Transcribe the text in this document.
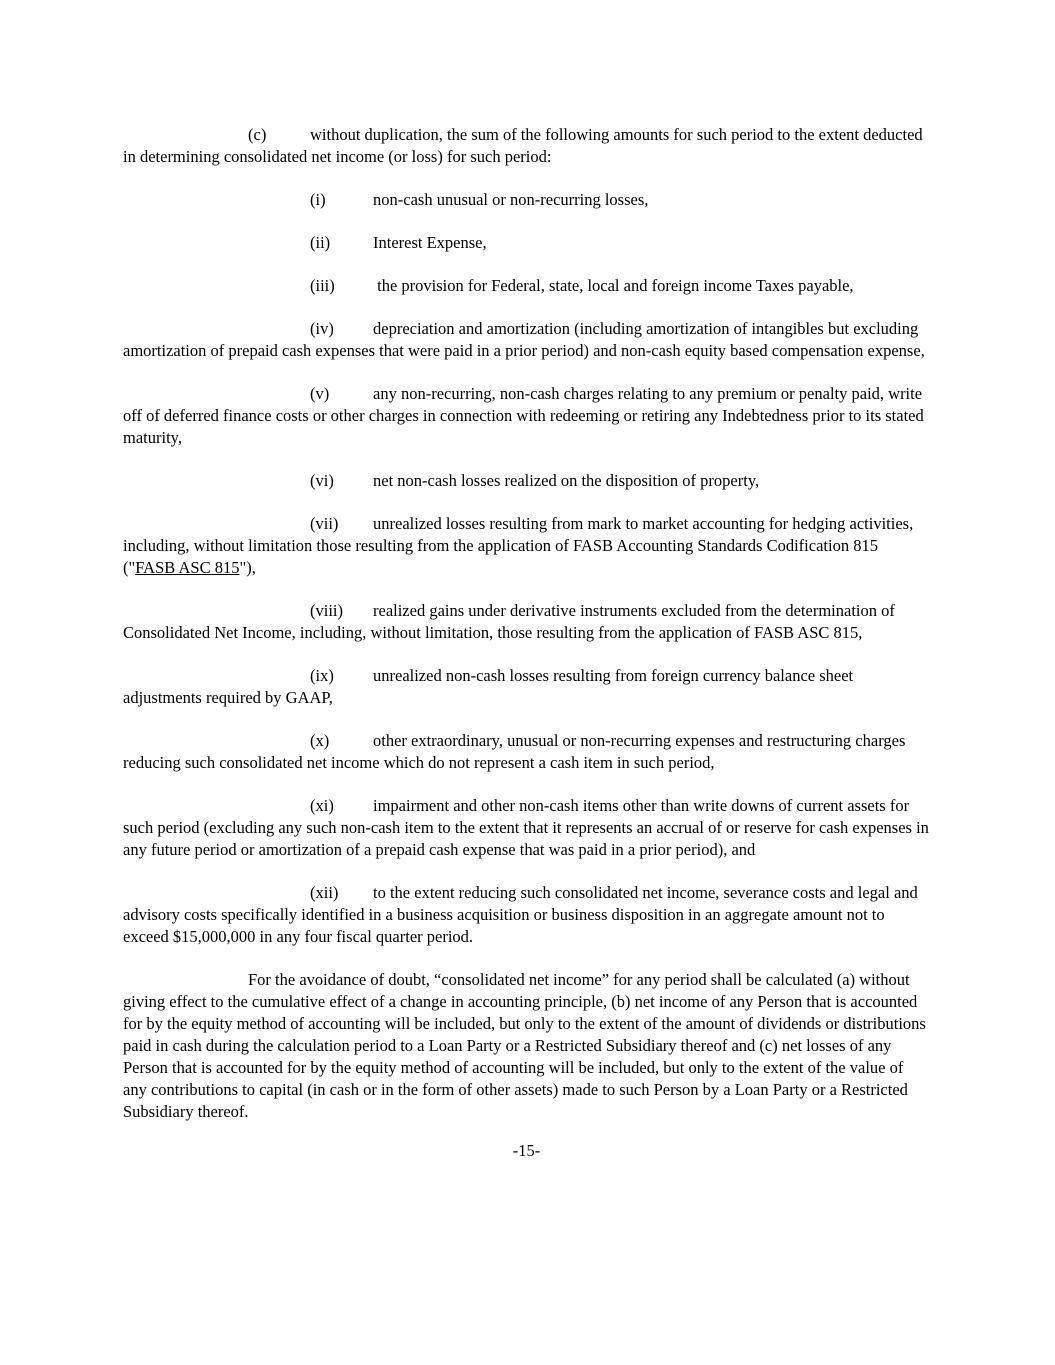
(c)	without duplication, the sum of the following amounts for such period to the extent deducted in determining consolidated net income (or loss) for such period:

(i)	non-cash unusual or non-recurring losses,

(ii)	Interest Expense,

(iii) the provision for Federal, state, local and foreign income Taxes payable,

(iv) depreciation and amortization (including amortization of intangibles but excluding amortization of prepaid cash expenses that were paid in a prior period) and non-cash equity based compensation expense,

(v)	any non-recurring, non-cash charges relating to any premium or penalty paid, write off of deferred finance costs or other charges in connection with redeeming or retiring any Indebtedness prior to its stated maturity,

(vi) net non-cash losses realized on the disposition of property,

(vii) unrealized losses resulting from mark to market accounting for hedging activities, including, without limitation those resulting from the application of FASB Accounting Standards Codification 815 ("FASB ASC 815"),

(viii) realized gains under derivative instruments excluded from the determination of Consolidated Net Income, including, without limitation, those resulting from the application of FASB ASC 815,

(ix) unrealized non-cash losses resulting from foreign currency balance sheet adjustments required by GAAP,

(x)	other extraordinary, unusual or non-recurring expenses and restructuring charges reducing such consolidated net income which do not represent a cash item in such period,

(xi) impairment and other non-cash items other than write downs of current assets for such period (excluding any such non-cash item to the extent that it represents an accrual of or reserve for cash expenses in any future period or amortization of a prepaid cash expense that was paid in a prior period), and

(xii) to the extent reducing such consolidated net income, severance costs and legal and advisory costs specifically identified in a business acquisition or business disposition in an aggregate amount not to exceed $15,000,000 in any four fiscal quarter period.

For the avoidance of doubt, “consolidated net income” for any period shall be calculated (a) without giving effect to the cumulative effect of a change in accounting principle, (b) net income of any Person that is accounted for by the equity method of accounting will be included, but only to the extent of the amount of dividends or distributions paid in cash during the calculation period to a Loan Party or a Restricted Subsidiary thereof and (c) net losses of any Person that is accounted for by the equity method of accounting will be included, but only to the extent of the value of any contributions to capital (in cash or in the form of other assets) made to such Person by a Loan Party or a Restricted Subsidiary thereof.

-15-
